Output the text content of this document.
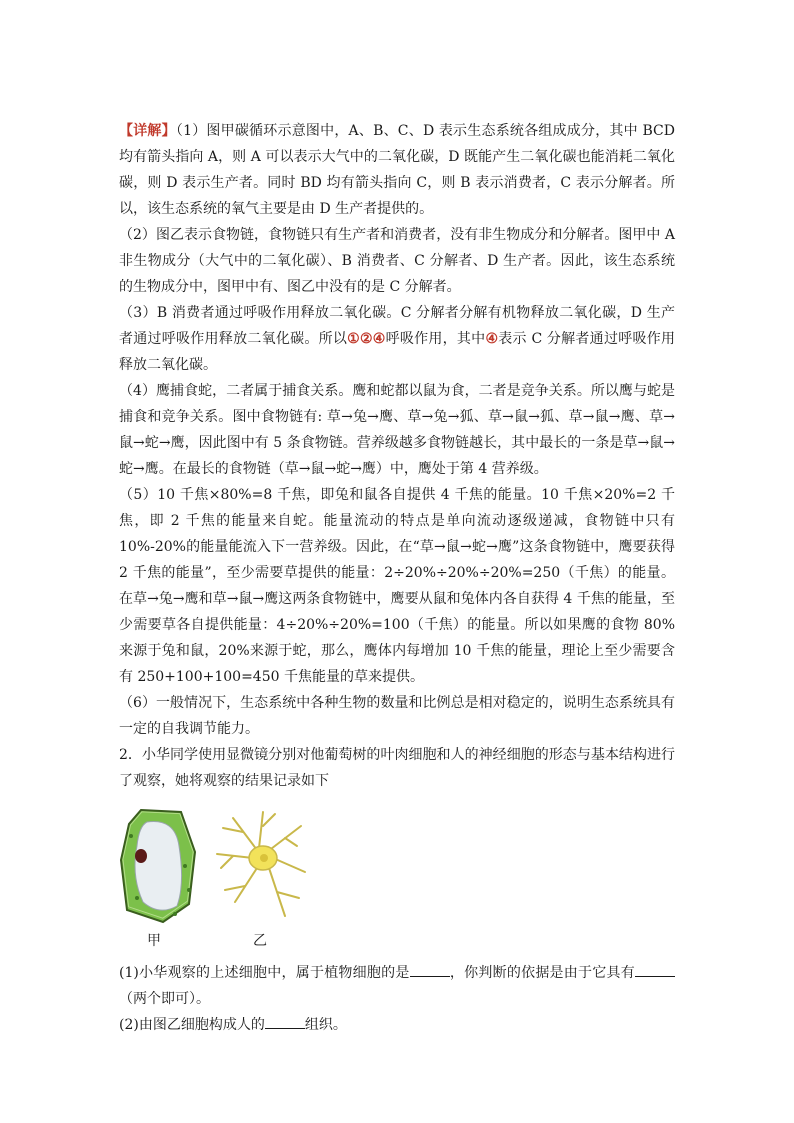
【详解】（1）图甲碳循环示意图中，A、B、C、D 表示生态系统各组成成分，其中 BCD 均有箭头指向 A，则 A 可以表示大气中的二氧化碳，D 既能产生二氧化碳也能消耗二氧化碳，则 D 表示生产者。同时 BD 均有箭头指向 C，则 B 表示消费者，C 表示分解者。所以，该生态系统的氧气主要是由 D 生产者提供的。

（2）图乙表示食物链，食物链只有生产者和消费者，没有非生物成分和分解者。图甲中 A 非生物成分（大气中的二氧化碳）、B 消费者、C 分解者、D 生产者。因此，该生态系统的生物成分中，图甲中有、图乙中没有的是 C 分解者。

（3）B 消费者通过呼吸作用释放二氧化碳。C 分解者分解有机物释放二氧化碳，D 生产者通过呼吸作用释放二氧化碳。所以①②④呼吸作用，其中④表示 C 分解者通过呼吸作用释放二氧化碳。

（4）鹰捕食蛇，二者属于捕食关系。鹰和蛇都以鼠为食，二者是竞争关系。所以鹰与蛇是捕食和竞争关系。图中食物链有: 草→兔→鹰、草→兔→狐、草→鼠→狐、草→鼠→鹰、草→鼠→蛇→鹰，因此图中有 5 条食物链。营养级越多食物链越长，其中最长的一条是草→鼠→蛇→鹰。在最长的食物链（草→鼠→蛇→鹰）中，鹰处于第 4 营养级。

（5）10 千焦×80%=8 千焦，即兔和鼠各自提供 4 千焦的能量。10 千焦×20%=2 千焦，即 2 千焦的能量来自蛇。能量流动的特点是单向流动逐级递减，食物链中只有 10%-20%的能量能流入下一营养级。因此，在“草→鼠→蛇→鹰”这条食物链中，鹰要获得 2 千焦的能量”，至少需要草提供的能量：2÷20%÷20%÷20%=250（千焦）的能量。在草→兔→鹰和草→鼠→鹰这两条食物链中，鹰要从鼠和兔体内各自获得 4 千焦的能量，至少需要草各自提供能量：4÷20%÷20%=100（千焦）的能量。所以如果鹰的食物 80%来源于兔和鼠，20%来源于蛇，那么，鹰体内每增加 10 千焦的能量，理论上至少需要含有 250+100+100=450 千焦能量的草来提供。

（6）一般情况下，生态系统中各种生物的数量和比例总是相对稳定的，说明生态系统具有一定的自我调节能力。

2．小华同学使用显微镜分别对他葡萄树的叶肉细胞和人的神经细胞的形态与基本结构进行了观察，她将观察的结果记录如下

甲	乙

(1)小华观察的上述细胞中，属于植物细胞的是	，你判断的依据是由于它具有（两个即可）。

(2)由图乙细胞构成人的	组织。
